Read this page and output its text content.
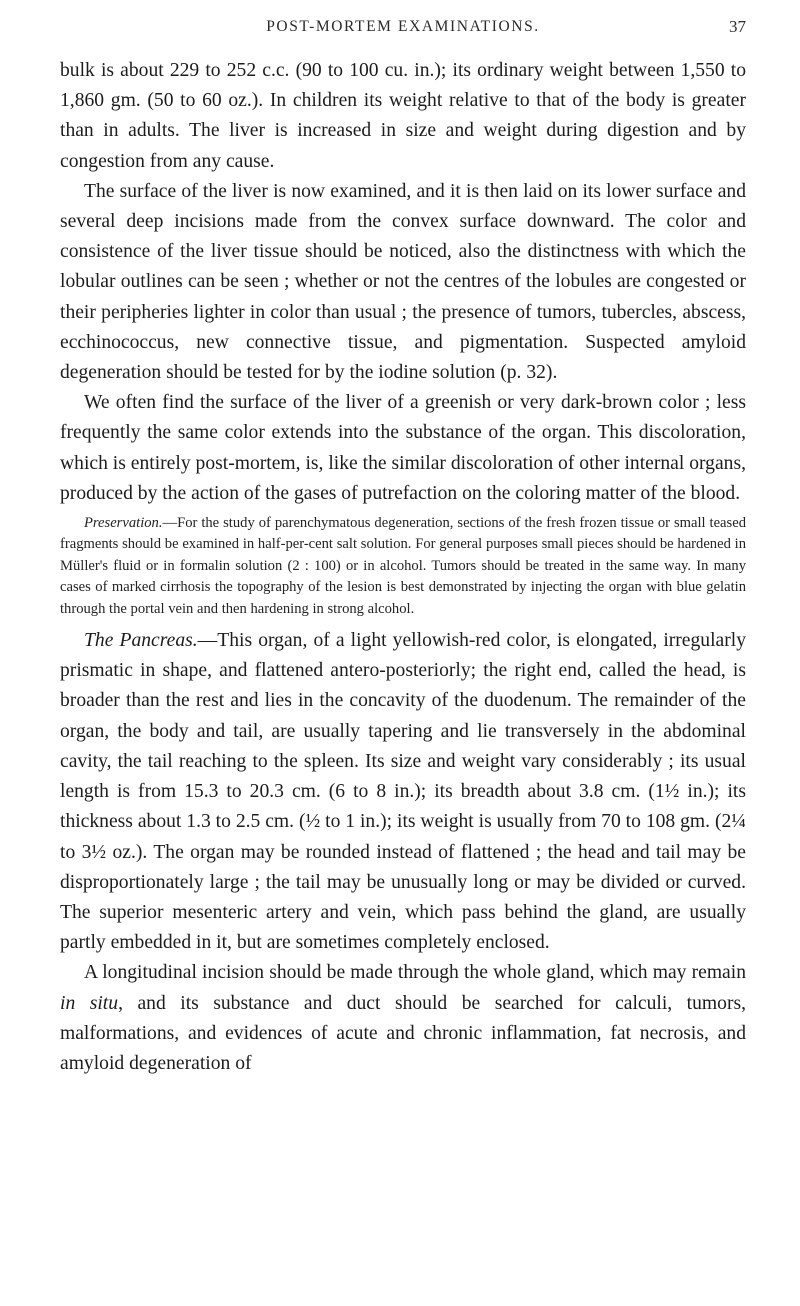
POST-MORTEM EXAMINATIONS.	37

bulk is about 229 to 252 c.c. (90 to 100 cu. in.); its ordinary weight between 1,550 to 1,860 gm. (50 to 60 oz.). In children its weight relative to that of the body is greater than in adults. The liver is increased in size and weight during digestion and by congestion from any cause.

The surface of the liver is now examined, and it is then laid on its lower surface and several deep incisions made from the convex surface downward. The color and consistence of the liver tissue should be noticed, also the distinctness with which the lobular outlines can be seen ; whether or not the centres of the lobules are congested or their peripheries lighter in color than usual ; the presence of tumors, tubercles, abscess, ecchinococcus, new connective tissue, and pigmentation. Suspected amyloid degeneration should be tested for by the iodine solution (p. 32).

We often find the surface of the liver of a greenish or very dark-brown color ; less frequently the same color extends into the substance of the organ. This discoloration, which is entirely post-mortem, is, like the similar discoloration of other internal organs, produced by the action of the gases of putrefaction on the coloring matter of the blood.

Preservation.—For the study of parenchymatous degeneration, sections of the fresh frozen tissue or small teased fragments should be examined in half-per-cent salt solution. For general purposes small pieces should be hardened in Müller's fluid or in formalin solution (2 : 100) or in alcohol. Tumors should be treated in the same way. In many cases of marked cirrhosis the topography of the lesion is best demonstrated by injecting the organ with blue gelatin through the portal vein and then hardening in strong alcohol.

The Pancreas.—This organ, of a light yellowish-red color, is elongated, irregularly prismatic in shape, and flattened antero-posteriorly; the right end, called the head, is broader than the rest and lies in the concavity of the duodenum. The remainder of the organ, the body and tail, are usually tapering and lie transversely in the abdominal cavity, the tail reaching to the spleen. Its size and weight vary considerably ; its usual length is from 15.3 to 20.3 cm. (6 to 8 in.); its breadth about 3.8 cm. (1½ in.); its thickness about 1.3 to 2.5 cm. (½ to 1 in.); its weight is usually from 70 to 108 gm. (2¼ to 3½ oz.). The organ may be rounded instead of flattened ; the head and tail may be disproportionately large ; the tail may be unusually long or may be divided or curved. The superior mesenteric artery and vein, which pass behind the gland, are usually partly embedded in it, but are sometimes completely enclosed.

A longitudinal incision should be made through the whole gland, which may remain in situ, and its substance and duct should be searched for calculi, tumors, malformations, and evidences of acute and chronic inflammation, fat necrosis, and amyloid degeneration of
